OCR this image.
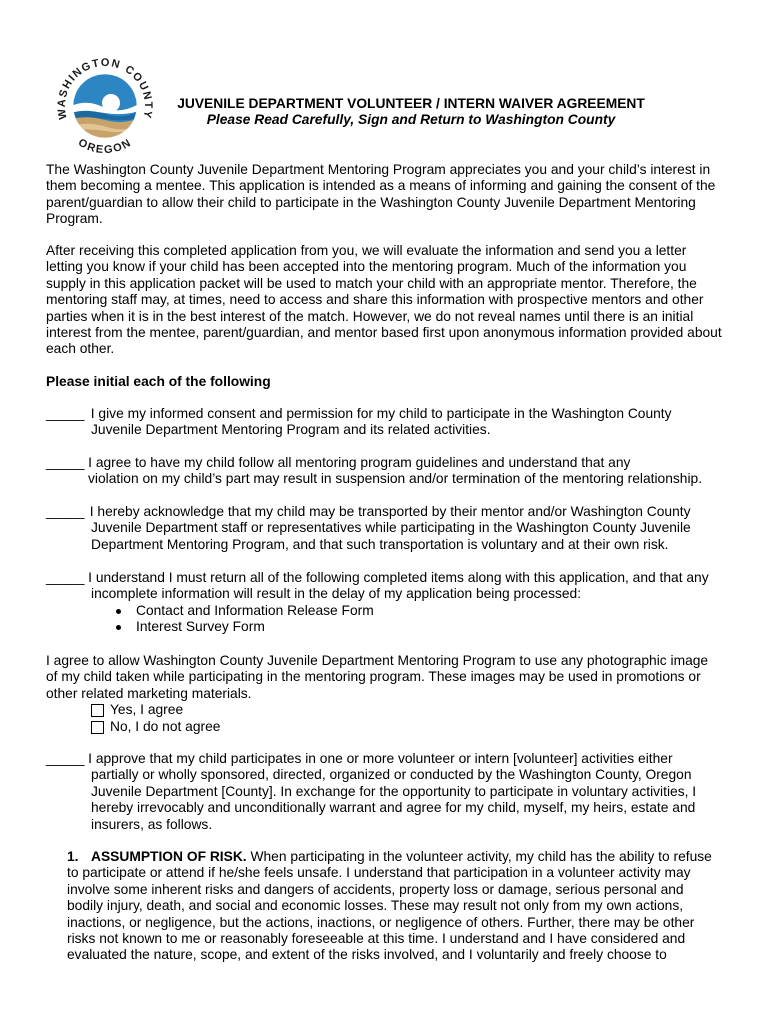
WASHINGTON COUNTY
OREGON
JUVENILE DEPARTMENT VOLUNTEER / INTERN WAIVER AGREEMENT
Please Read Carefully, Sign and Return to Washington County
The Washington County Juvenile Department Mentoring Program appreciates you and your child’s interest in
them becoming a mentee. This application is intended as a means of informing and gaining the consent of the
parent/guardian to allow their child to participate in the Washington County Juvenile Department Mentoring
Program.
After receiving this completed application from you, we will evaluate the information and send you a letter
letting you know if your child has been accepted into the mentoring program. Much of the information you
supply in this application packet will be used to match your child with an appropriate mentor. Therefore, the
mentoring staff may, at times, need to access and share this information with prospective mentors and other
parties when it is in the best interest of the match. However, we do not reveal names until there is an initial
interest from the mentee, parent/guardian, and mentor based first upon anonymous information provided about
each other.
Please initial each of the following
_____ I give my informed consent and permission for my child to participate in the Washington County
Juvenile Department Mentoring Program and its related activities.
_____ I agree to have my child follow all mentoring program guidelines and understand that any
violation on my child’s part may result in suspension and/or termination of the mentoring relationship.
_____ I hereby acknowledge that my child may be transported by their mentor and/or Washington County
Juvenile Department staff or representatives while participating in the Washington County Juvenile
Department Mentoring Program, and that such transportation is voluntary and at their own risk.
_____ I understand I must return all of the following completed items along with this application, and that any
incomplete information will result in the delay of my application being processed:
Contact and Information Release Form
Interest Survey Form
I agree to allow Washington County Juvenile Department Mentoring Program to use any photographic image
of my child taken while participating in the mentoring program. These images may be used in promotions or
other related marketing materials.
Yes, I agree
No, I do not agree
_____ I approve that my child participates in one or more volunteer or intern [volunteer] activities either
partially or wholly sponsored, directed, organized or conducted by the Washington County, Oregon
Juvenile Department [County]. In exchange for the opportunity to participate in voluntary activities, I
hereby irrevocably and unconditionally warrant and agree for my child, myself, my heirs, estate and
insurers, as follows.
1. ASSUMPTION OF RISK. When participating in the volunteer activity, my child has the ability to refuse
to participate or attend if he/she feels unsafe. I understand that participation in a volunteer activity may
involve some inherent risks and dangers of accidents, property loss or damage, serious personal and
bodily injury, death, and social and economic losses. These may result not only from my own actions,
inactions, or negligence, but the actions, inactions, or negligence of others. Further, there may be other
risks not known to me or reasonably foreseeable at this time. I understand and I have considered and
evaluated the nature, scope, and extent of the risks involved, and I voluntarily and freely choose to
